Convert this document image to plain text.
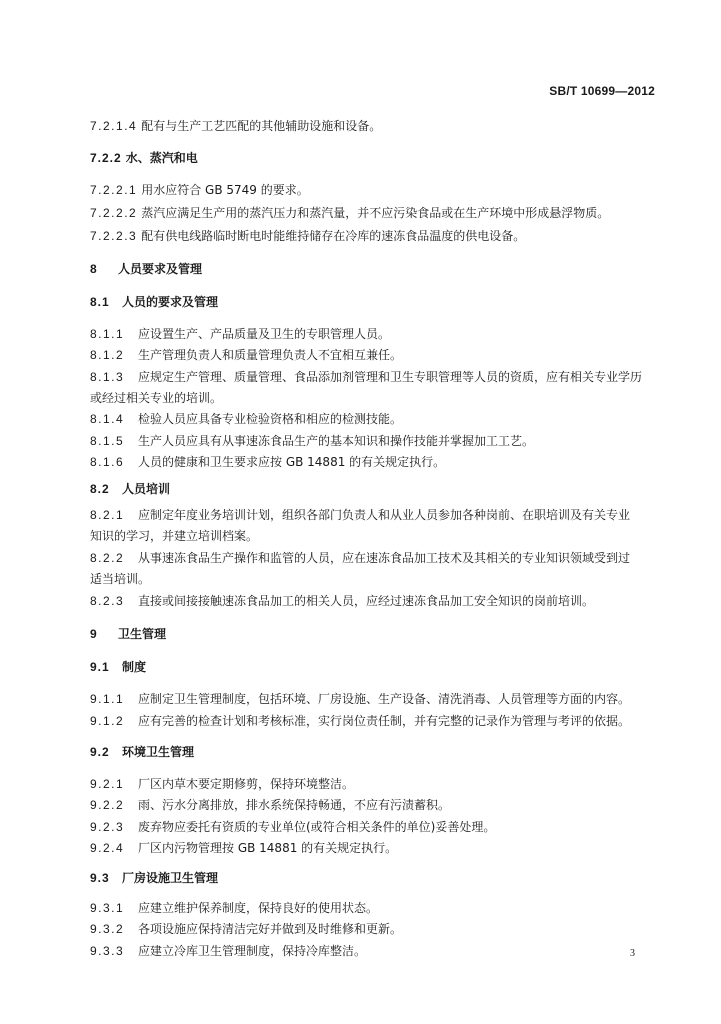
SB/T 10699—2012
7.2.1.4 配有与生产工艺匹配的其他辅助设施和设备。
7.2.2 水、蒸汽和电
7.2.2.1 用水应符合 GB 5749 的要求。
7.2.2.2 蒸汽应满足生产用的蒸汽压力和蒸汽量，并不应污染食品或在生产环境中形成悬浮物质。
7.2.2.3 配有供电线路临时断电时能维持储存在冷库的速冻食品温度的供电设备。
8 人员要求及管理
8.1 人员的要求及管理
8.1.1 应设置生产、产品质量及卫生的专职管理人员。
8.1.2 生产管理负责人和质量管理负责人不宜相互兼任。
8.1.3 应规定生产管理、质量管理、食品添加剂管理和卫生专职管理等人员的资质，应有相关专业学历
或经过相关专业的培训。
8.1.4 检验人员应具备专业检验资格和相应的检测技能。
8.1.5 生产人员应具有从事速冻食品生产的基本知识和操作技能并掌握加工工艺。
8.1.6 人员的健康和卫生要求应按 GB 14881 的有关规定执行。
8.2 人员培训
8.2.1 应制定年度业务培训计划，组织各部门负责人和从业人员参加各种岗前、在职培训及有关专业
知识的学习，并建立培训档案。
8.2.2 从事速冻食品生产操作和监管的人员，应在速冻食品加工技术及其相关的专业知识领域受到过
适当培训。
8.2.3 直接或间接接触速冻食品加工的相关人员，应经过速冻食品加工安全知识的岗前培训。
9 卫生管理
9.1 制度
9.1.1 应制定卫生管理制度，包括环境、厂房设施、生产设备、清洗消毒、人员管理等方面的内容。
9.1.2 应有完善的检查计划和考核标准，实行岗位责任制，并有完整的记录作为管理与考评的依据。
9.2 环境卫生管理
9.2.1 厂区内草木要定期修剪，保持环境整洁。
9.2.2 雨、污水分离排放，排水系统保持畅通，不应有污渍蓄积。
9.2.3 废弃物应委托有资质的专业单位(或符合相关条件的单位)妥善处理。
9.2.4 厂区内污物管理按 GB 14881 的有关规定执行。
9.3 厂房设施卫生管理
9.3.1 应建立维护保养制度，保持良好的使用状态。
9.3.2 各项设施应保持清洁完好并做到及时维修和更新。
9.3.3 应建立冷库卫生管理制度，保持冷库整洁。	3
